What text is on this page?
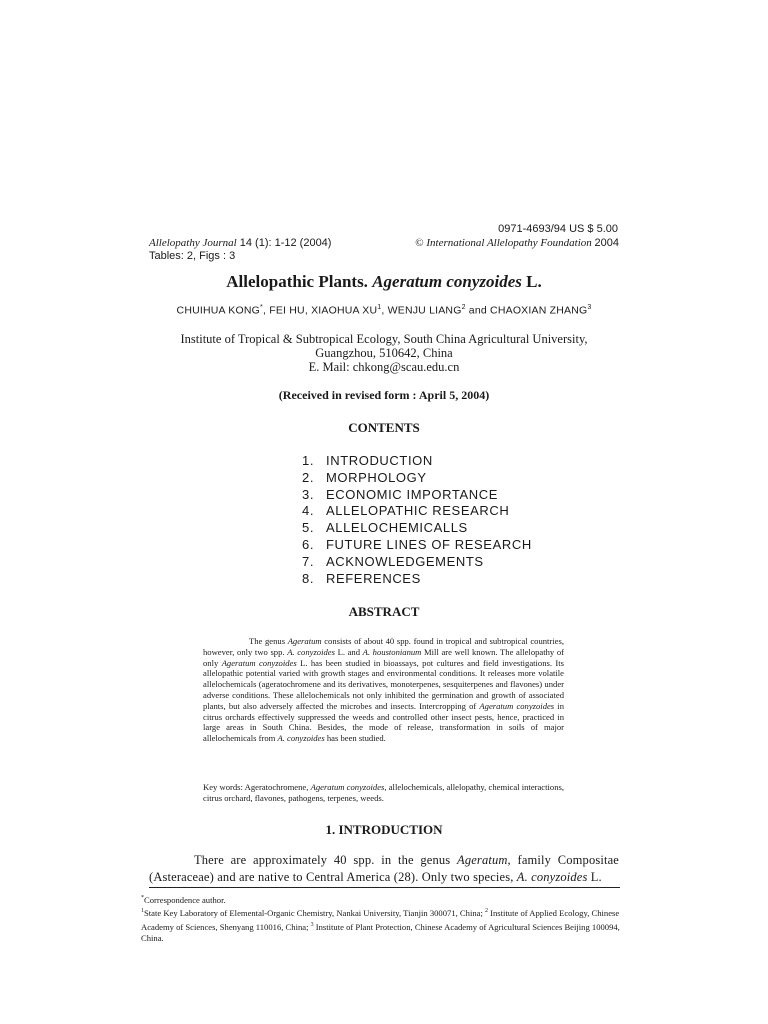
0971-4693/94 US $ 5.00
Allelopathy Journal 14 (1): 1-12 (2004)	© International Allelopathy Foundation 2004
Tables: 2, Figs : 3
Allelopathic Plants. Ageratum conyzoides L.
CHUIHUA KONG*, FEI HU, XIAOHUA $XU^1$, WENJU LIANG$^2$ and CHAOXIAN ZHANG$^3$
Institute of Tropical & Subtropical Ecology, South China Agricultural University,
Guangzhou, 510642, China
E. Mail: chkong@scau.edu.cn
(Received in revised form : April 5, 2004)
CONTENTS
1. INTRODUCTION
2. MORPHOLOGY
3. ECONOMIC IMPORTANCE
4. ALLELOPATHIC RESEARCH
5. ALLELOCHEMICALLS
6. FUTURE LINES OF RESEARCH
7. ACKNOWLEDGEMENTS
8. REFERENCES
ABSTRACT

The genus Ageratum consists of about 40 spp. found in tropical and subtropical countries, however, only two spp. A. conyzoides L. and A. houstonianum Mill are well known. The allelopathy of only Ageratum conyzoides L. has been studied in bioassays, pot cultures and field investigations. Its allelopathic potential varied with growth stages and environmental conditions. It releases more volatile allelochemicals (ageratochromene and its derivatives, monoterpenes, sesquiterpenes and flavones) under adverse conditions. These allelochemicals not only inhibited the germination and growth of associated plants, but also adversely affected the microbes and insects. Intercropping of Ageratum conyzoides in citrus orchards effectively suppressed the weeds and controlled other insect pests, hence, practiced in large areas in South China. Besides, the mode of release, transformation in soils of major allelochemicals from A. conyzoides has been studied.

Key words: Ageratochromene, Ageratum conyzoides, allelochemicals, allelopathy, chemical interactions, citrus orchard, flavones, pathogens, terpenes, weeds.

1. INTRODUCTION

There are approximately 40 spp. in the genus Ageratum, family Compositae (Asteraceae) and are native to Central America (28). Only two species, A. conyzoides L.

*Correspondence author.

$^1$State Key Laboratory of Elemental-Organic Chemistry, Nankai University, Tianjin 300071, China; $^2$ Institute of Applied Ecology, Chinese Academy of Sciences, Shenyang 110016, China; $^3$ Institute of Plant Protection, Chinese Academy of Agricultural Sciences Beijing 100094, China.
